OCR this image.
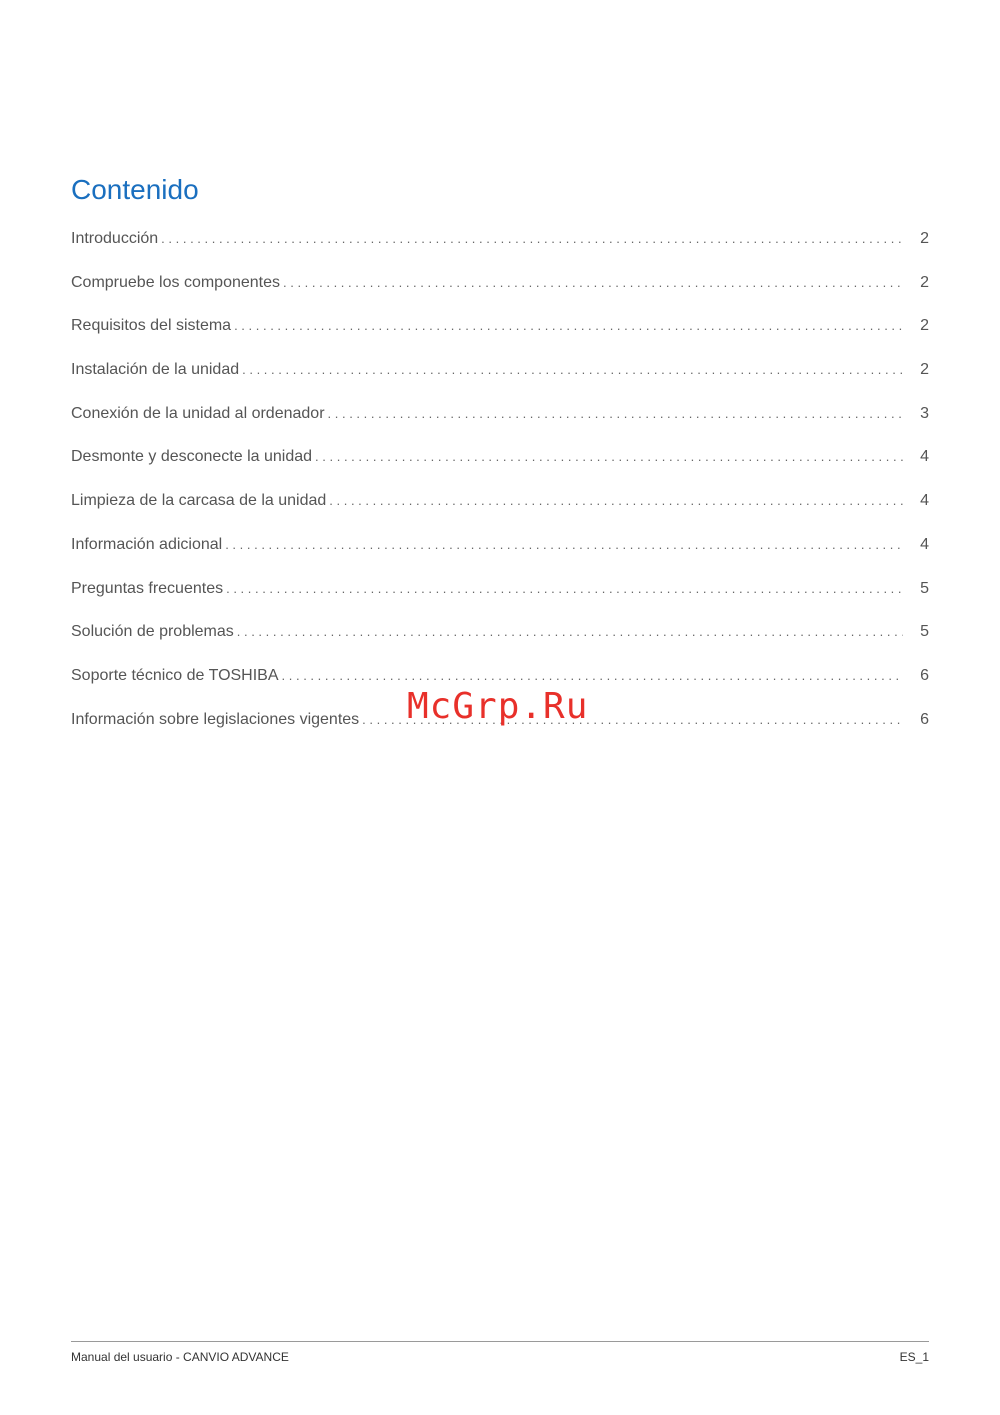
Contenido
Introducción . . .	2
Compruebe los componentes . . .	2
Requisitos del sistema . . .	2
Instalación de la unidad . . .	2
Conexión de la unidad al ordenador . . .	3
Desmonte y desconecte la unidad . . .	4
Limpieza de la carcasa de la unidad . . .	4
Información adicional . . .	4
Preguntas frecuentes . . .	5
Solución de problemas . . .	5
Soporte técnico de TOSHIBA . . .	6
Información sobre legislaciones vigentes . . .	6
McGrp.Ru
Manual del usuario - CANVIO ADVANCE	ES_1
